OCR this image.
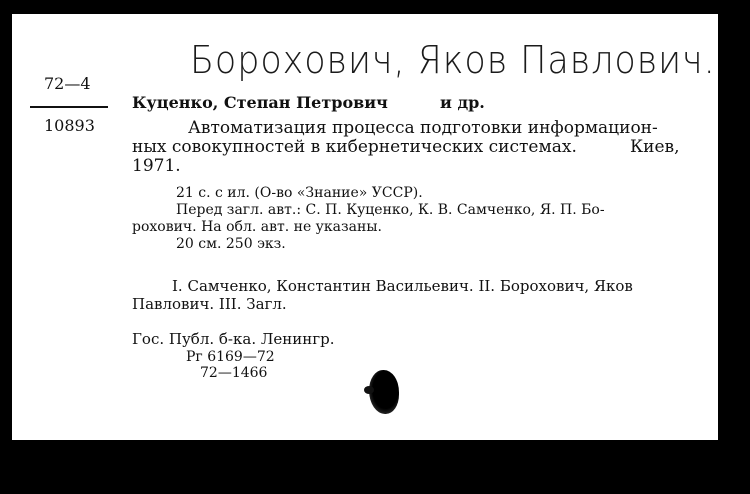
Борохович, Яков Павлович.
72—4
10893
Куценко, Степан Петрович	и др.
Автоматизация процесса подготовки информацион-
ных совокупностей в кибернетических системах.	Киев,
1971.
21 с. с ил. (О-во «Знание» УССР).
Перед загл. авт.: С. П. Куценко, К. В. Самченко, Я. П. Бо-
рохович. На обл. авт. не указаны.
20 см. 250 экз.
I. Самченко, Константин Васильевич. II. Борохович, Яков
Павлович. III. Загл.
Гос. Публ. б-ка. Ленингр.
Рг 6169—72
72—1466
